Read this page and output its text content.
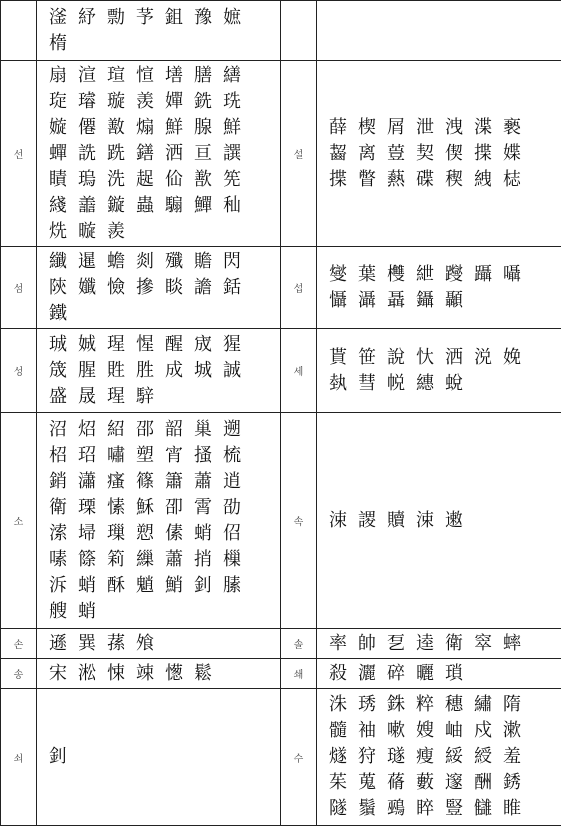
	滏紓勡芧鉏豫嫬楕		
선	扇渲瑄愃墡膳繕琁璿璇羡嬋銑珗嫙僊敾煽鮮腺鮮蟬詵跣鐥洒亘譔瞔瑦洗趗佡歚筅綫譱鏇蟲騸鱓秈烍暶羨	설	薛楔屑泄洩渫褻齧离䔇契偰揲媟揲瞥爇碟稧絏梽
섬	纖暹蟾剡殲贍閃陝孅憸摻睒譫銛鐵	섭	燮葉欆紲躞躡囁懾灄聶鑷顳
성	珹娍瑆惺醒宬猩筬腥貹胜成城誠盛晟瑆騂	세	貰笹說忕洒涚娩埶彗帨繐蛻
소	沼炤紹邵韶巢遡柖玿嘯塑宵搔梳銷瀟瘙篠簫蕭逍衛瑮愫穌卲霄劭溹埽璅愬傃蛸佋嗉篨筣繅蕭捎樔泝蛸酥魈鮹釗膆艘蛸	속	涑謖贖涑遫
손	遜巽蓀飧	솔	率帥乭逵衛窣蟀
송	宋淞悚竦憽鬆	쇄	殺灑碎曬瑣
쇠	釗	수	洙琇銖粹穗繡隋髓袖嗽嫂岫戍漱燧狩璲瘦綏綬羞茱蒐蓨藪邃酬銹隧鬚鵐睟豎讎睢
